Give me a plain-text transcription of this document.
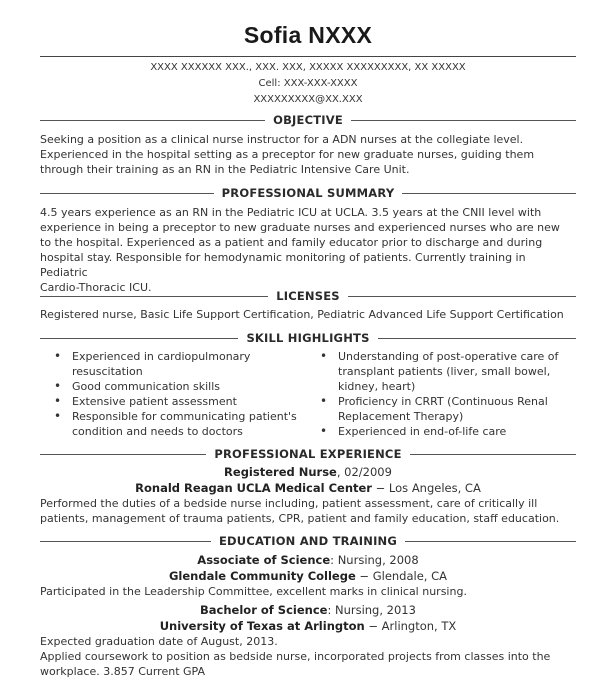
Sofia NXXX
XXXX XXXXXX XXX., XXX. XXX, XXXXX XXXXXXXXX, XX XXXXX
Cell: XXX-XXX-XXXX
XXXXXXXXX@XX.XXX
OBJECTIVE
Seeking a position as a clinical nurse instructor for a ADN nurses at the collegiate level.
Experienced in the hospital setting as a preceptor for new graduate nurses, guiding them
through their training as an RN in the Pediatric Intensive Care Unit.
PROFESSIONAL SUMMARY
4.5 years experience as an RN in the Pediatric ICU at UCLA. 3.5 years at the CNII level with
experience in being a preceptor to new graduate nurses and experienced nurses who are new
to the hospital. Experienced as a patient and family educator prior to discharge and during
hospital stay. Responsible for hemodynamic monitoring of patients. Currently training in Pediatric
Cardio-Thoracic ICU.
LICENSES
Registered nurse, Basic Life Support Certification, Pediatric Advanced Life Support Certification
SKILL HIGHLIGHTS
• Experienced in cardiopulmonary resuscitation
• Good communication skills
• Extensive patient assessment
• Responsible for communicating patient's condition and needs to doctors
• Understanding of post-operative care of transplant patients (liver, small bowel, kidney, heart)
• Proficiency in CRRT (Continuous Renal Replacement Therapy)
• Experienced in end-of-life care
PROFESSIONAL EXPERIENCE
Registered Nurse, 02/2009
Ronald Reagan UCLA Medical Center − Los Angeles, CA
Performed the duties of a bedside nurse including, patient assessment, care of critically ill
patients, management of trauma patients, CPR, patient and family education, staff education.
EDUCATION AND TRAINING
Associate of Science: Nursing, 2008
Glendale Community College − Glendale, CA
Participated in the Leadership Committee, excellent marks in clinical nursing.
Bachelor of Science: Nursing, 2013
University of Texas at Arlington − Arlington, TX
Expected graduation date of August, 2013.
Applied coursework to position as bedside nurse, incorporated projects from classes into the
workplace. 3.857 Current GPA
